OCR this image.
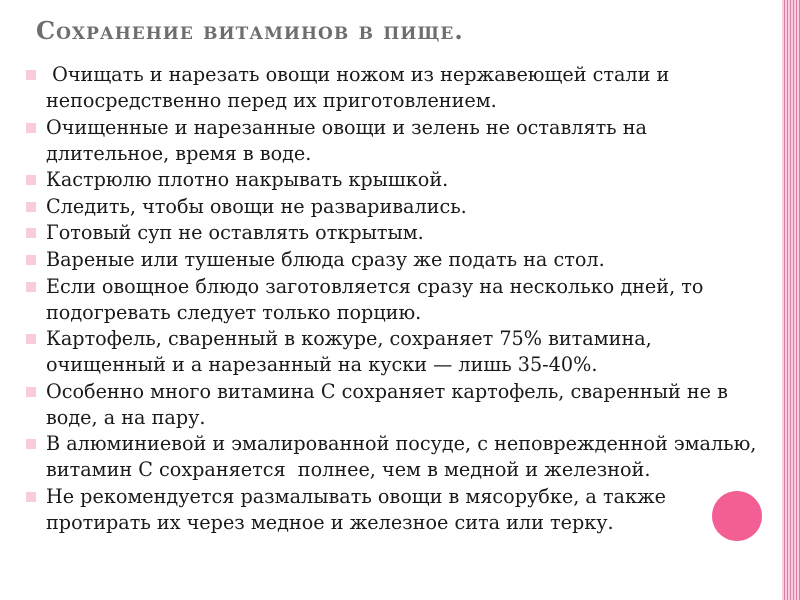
Сохранение витаминов в пище.
Очищать и нарезать овощи ножом из нержавеющей стали и непосредственно перед их приготовлением.
Очищенные и нарезанные овощи и зелень не оставлять на длительное, время в воде.
Кастрюлю плотно накрывать крышкой.
Следить, чтобы овощи не разваривались.
Готовый суп не оставлять открытым.
Вареные или тушеные блюда сразу же подать на стол.
Если овощное блюдо заготовляется сразу на несколько дней, то подогревать следует только порцию.
Картофель, сваренный в кожуре, сохраняет 75% витамина, очищенный и а нарезанный на куски — лишь 35-40%.
Особенно много витамина С сохраняет картофель, сваренный не в воде, а на пару.
В алюминиевой и эмалированной посуде, с неповрежденной эмалью, витамин С сохраняется  полнее, чем в медной и железной.
Не рекомендуется размалывать овощи в мясорубке, а также протирать их через медное и железное сита или терку.
